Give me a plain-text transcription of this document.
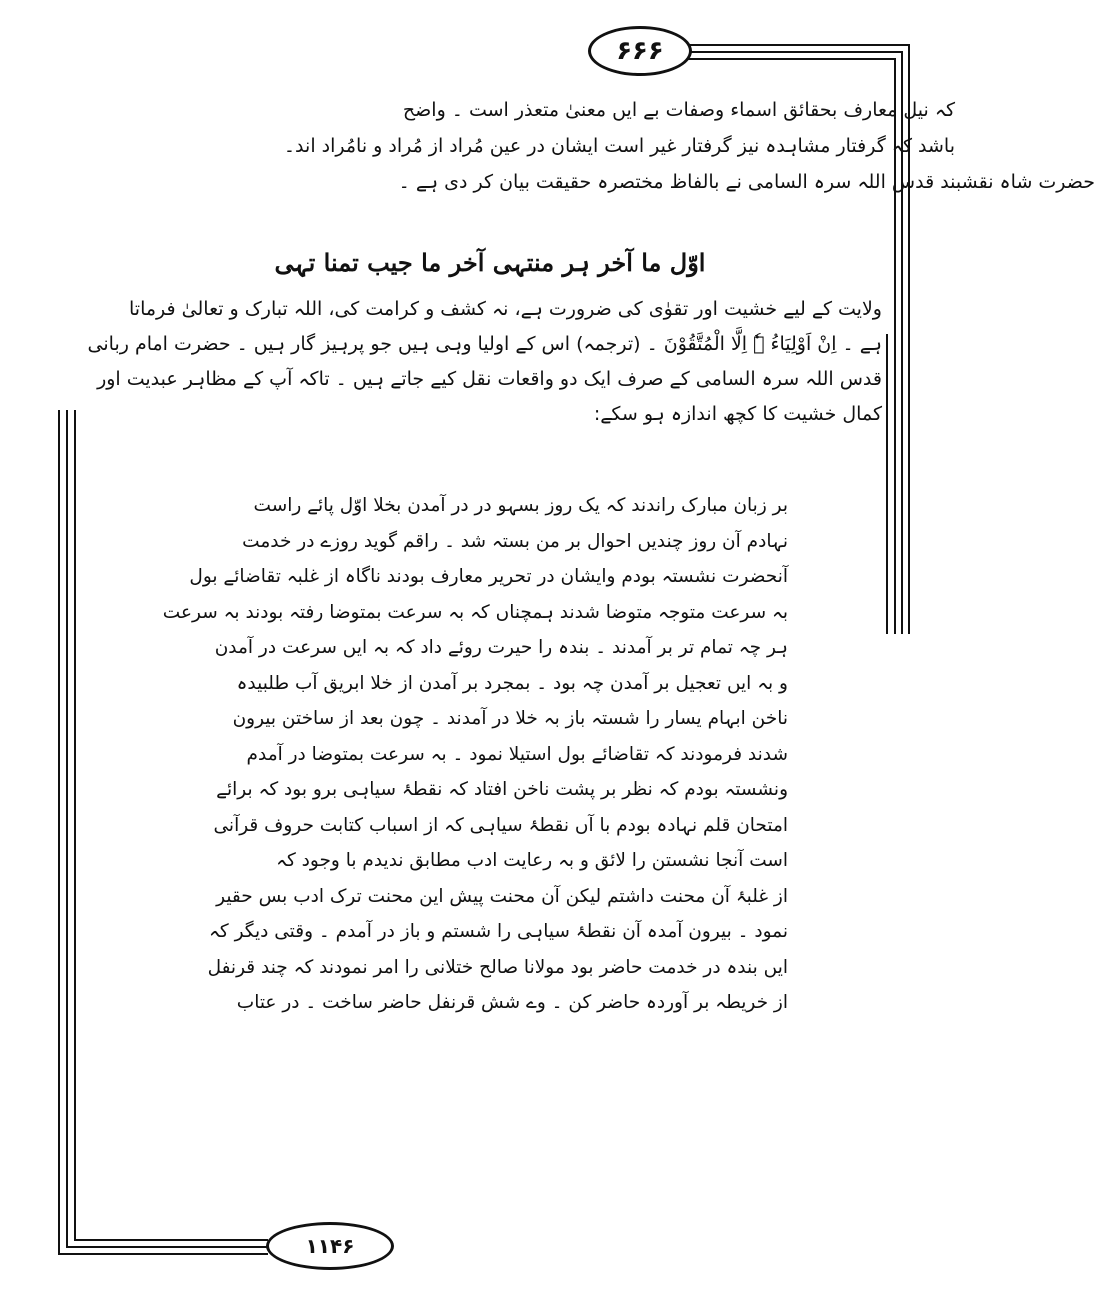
۶۶۶
۱۱۴۶
کہ نیل معارف بحقائق اسماء وصفات بے ایں معنیٰ متعذر است ۔ واضح
باشد کہ گرفتار مشاہدہ نیز گرفتار غیر است ایشان در عین مُراد از مُراد و نامُراد اند۔
حضرت شاہ نقشبند قدس اللہ سرہ السامی نے بالفاظ مختصرہ حقیقت بیان کر دی ہے ۔
اوّل ما آخر ہر منتہی آخر ما جیب تمنا تہی
ولایت کے لیے خشیت اور تقوٰی کی ضرورت ہے، نہ کشف و کرامت کی، اللہ تبارک و تعالیٰ فرماتا
ہے ۔ اِنْ اَوْلِیَاءُ ہٗ اِلَّا الْمُتَّقُوْنَ ۔ (ترجمہ) اس کے اولیا وہی ہیں جو پرہیز گار ہیں ۔ حضرت امام ربانی
قدس اللہ سرہ السامی کے صرف ایک دو واقعات نقل کیے جاتے ہیں ۔ تاکہ آپ کے مظاہر عبدیت اور
کمال خشیت کا کچھ اندازہ ہو سکے:
بر زبان مبارک راندند کہ یک روز بسہو در در آمدن بخلا اوّل پائے راست
نہادم آن روز چندیں احوال بر من بستہ شد ۔ راقم گوید روزے در خدمت
آنحضرت نشستہ بودم وایشان در تحریر معارف بودند ناگاہ از غلبہ تقاضائے بول
بہ سرعت متوجہ متوضا شدند ہمچناں کہ بہ سرعت بمتوضا رفتہ بودند بہ سرعت
ہر چہ تمام تر بر آمدند ۔ بندہ را حیرت روئے داد کہ بہ ایں سرعت در آمدن
و بہ ایں تعجیل بر آمدن چہ بود ۔ بمجرد بر آمدن از خلا ابریق آب طلبیدہ
ناخن ابہام یسار را شستہ باز بہ خلا در آمدند ۔ چون بعد از ساختن بیرون
شدند فرمودند کہ تقاضائے بول استیلا نمود ۔ بہ سرعت بمتوضا در آمدم
ونشستہ بودم کہ نظر بر پشت ناخن افتاد کہ نقطۂ سیاہی برو بود کہ برائے
امتحان قلم نہادہ بودم با آں نقطۂ سیاہی کہ از اسباب کتابت حروف قرآنی
است آنجا نشستن را لائق و بہ رعایت ادب مطابق ندیدم با وجود کہ
از غلبۂ آن محنت داشتم لیکن آن محنت پیش این محنت ترک ادب بس حقیر
نمود ۔ بیرون آمدہ آن نقطۂ سیاہی را شستم و باز در آمدم ۔ وقتی دیگر کہ
ایں بندہ در خدمت حاضر بود مولانا صالح ختلانی را امر نمودند کہ چند قرنفل
از خریطہ بر آوردہ حاضر کن ۔ وے شش قرنفل حاضر ساخت ۔ در عتاب
